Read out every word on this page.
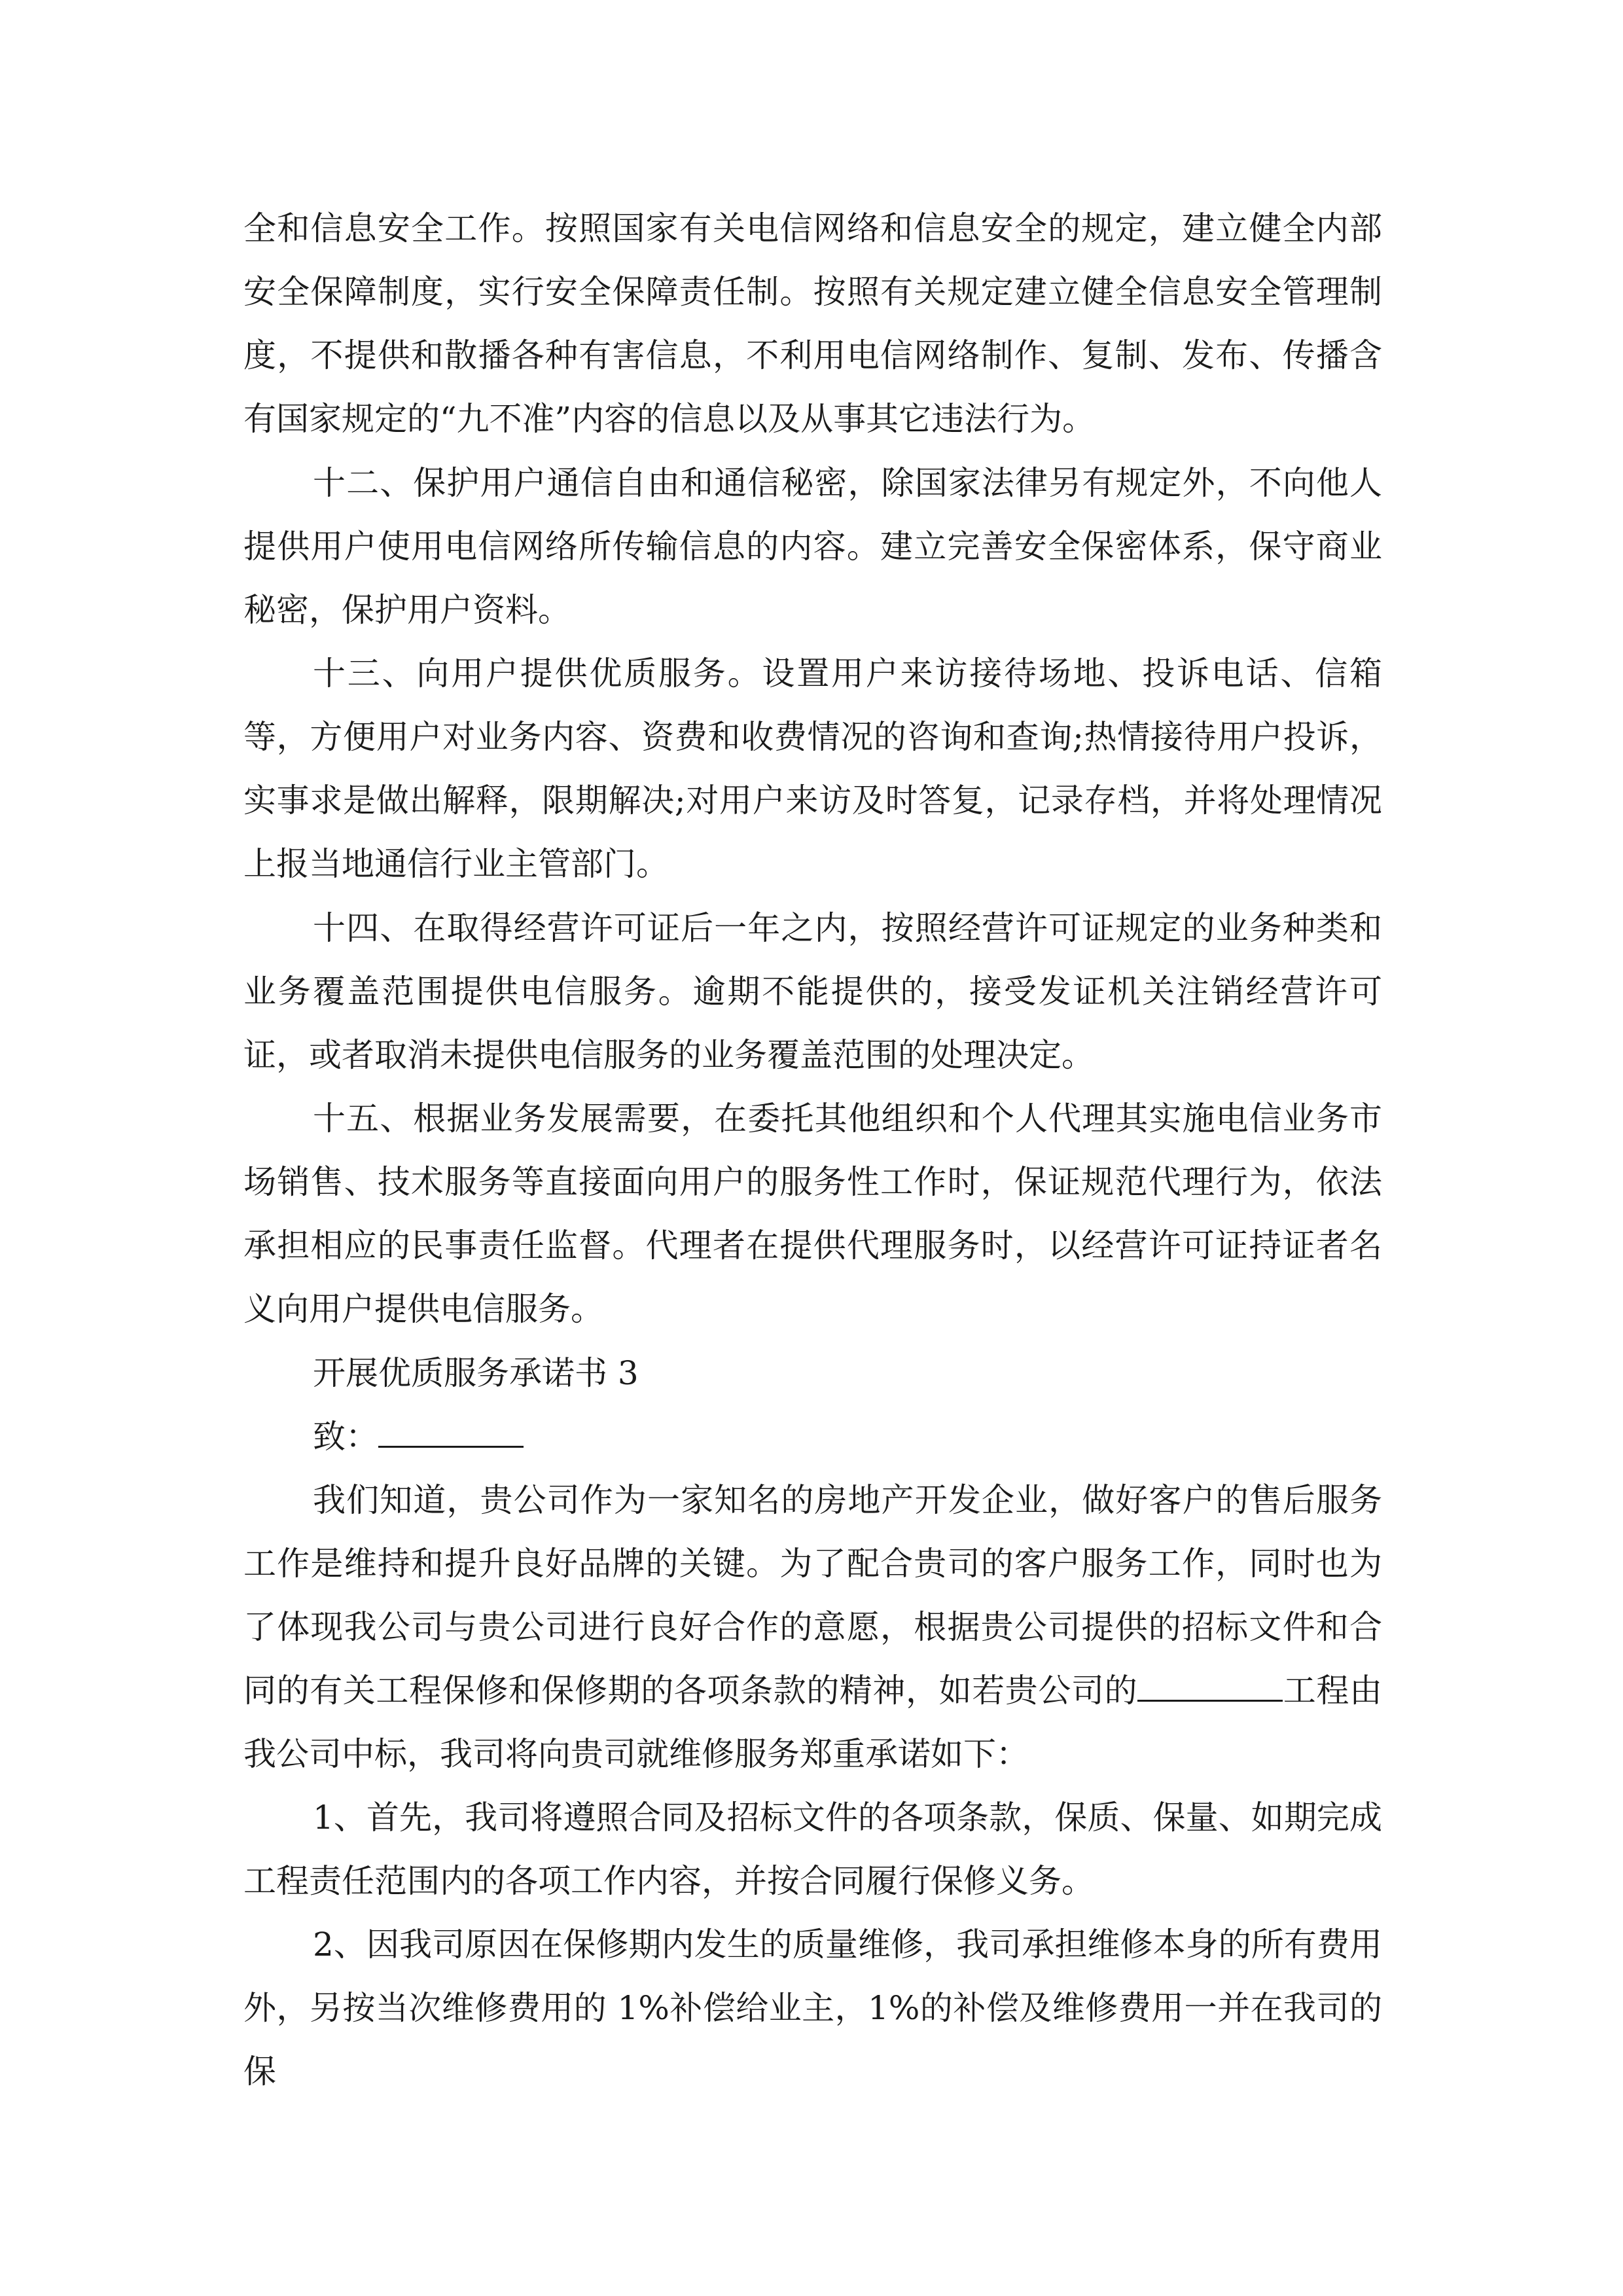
全和信息安全工作。按照国家有关电信网络和信息安全的规定，建立健全内部安全保障制度，实行安全保障责任制。按照有关规定建立健全信息安全管理制度，不提供和散播各种有害信息，不利用电信网络制作、复制、发布、传播含有国家规定的“九不准”内容的信息以及从事其它违法行为。

十二、保护用户通信自由和通信秘密，除国家法律另有规定外，不向他人提供用户使用电信网络所传输信息的内容。建立完善安全保密体系，保守商业秘密，保护用户资料。

十三、向用户提供优质服务。设置用户来访接待场地、投诉电话、信箱等，方便用户对业务内容、资费和收费情况的咨询和查询;热情接待用户投诉，实事求是做出解释，限期解决;对用户来访及时答复，记录存档，并将处理情况上报当地通信行业主管部门。

十四、在取得经营许可证后一年之内，按照经营许可证规定的业务种类和业务覆盖范围提供电信服务。逾期不能提供的，接受发证机关注销经营许可证，或者取消未提供电信服务的业务覆盖范围的处理决定。

十五、根据业务发展需要，在委托其他组织和个人代理其实施电信业务市场销售、技术服务等直接面向用户的服务性工作时，保证规范代理行为，依法承担相应的民事责任监督。代理者在提供代理服务时，以经营许可证持证者名义向用户提供电信服务。

开展优质服务承诺书 3

致：

我们知道，贵公司作为一家知名的房地产开发企业，做好客户的售后服务工作是维持和提升良好品牌的关键。为了配合贵司的客户服务工作，同时也为了体现我公司与贵公司进行良好合作的意愿，根据贵公司提供的招标文件和合同的有关工程保修和保修期的各项条款的精神，如若贵公司的	工程由我公司中标，我司将向贵司就维修服务郑重承诺如下：

1、首先，我司将遵照合同及招标文件的各项条款，保质、保量、如期完成工程责任范围内的各项工作内容，并按合同履行保修义务。

2、因我司原因在保修期内发生的质量维修，我司承担维修本身的所有费用外，另按当次维修费用的 1%补偿给业主，1%的补偿及维修费用一并在我司的保
